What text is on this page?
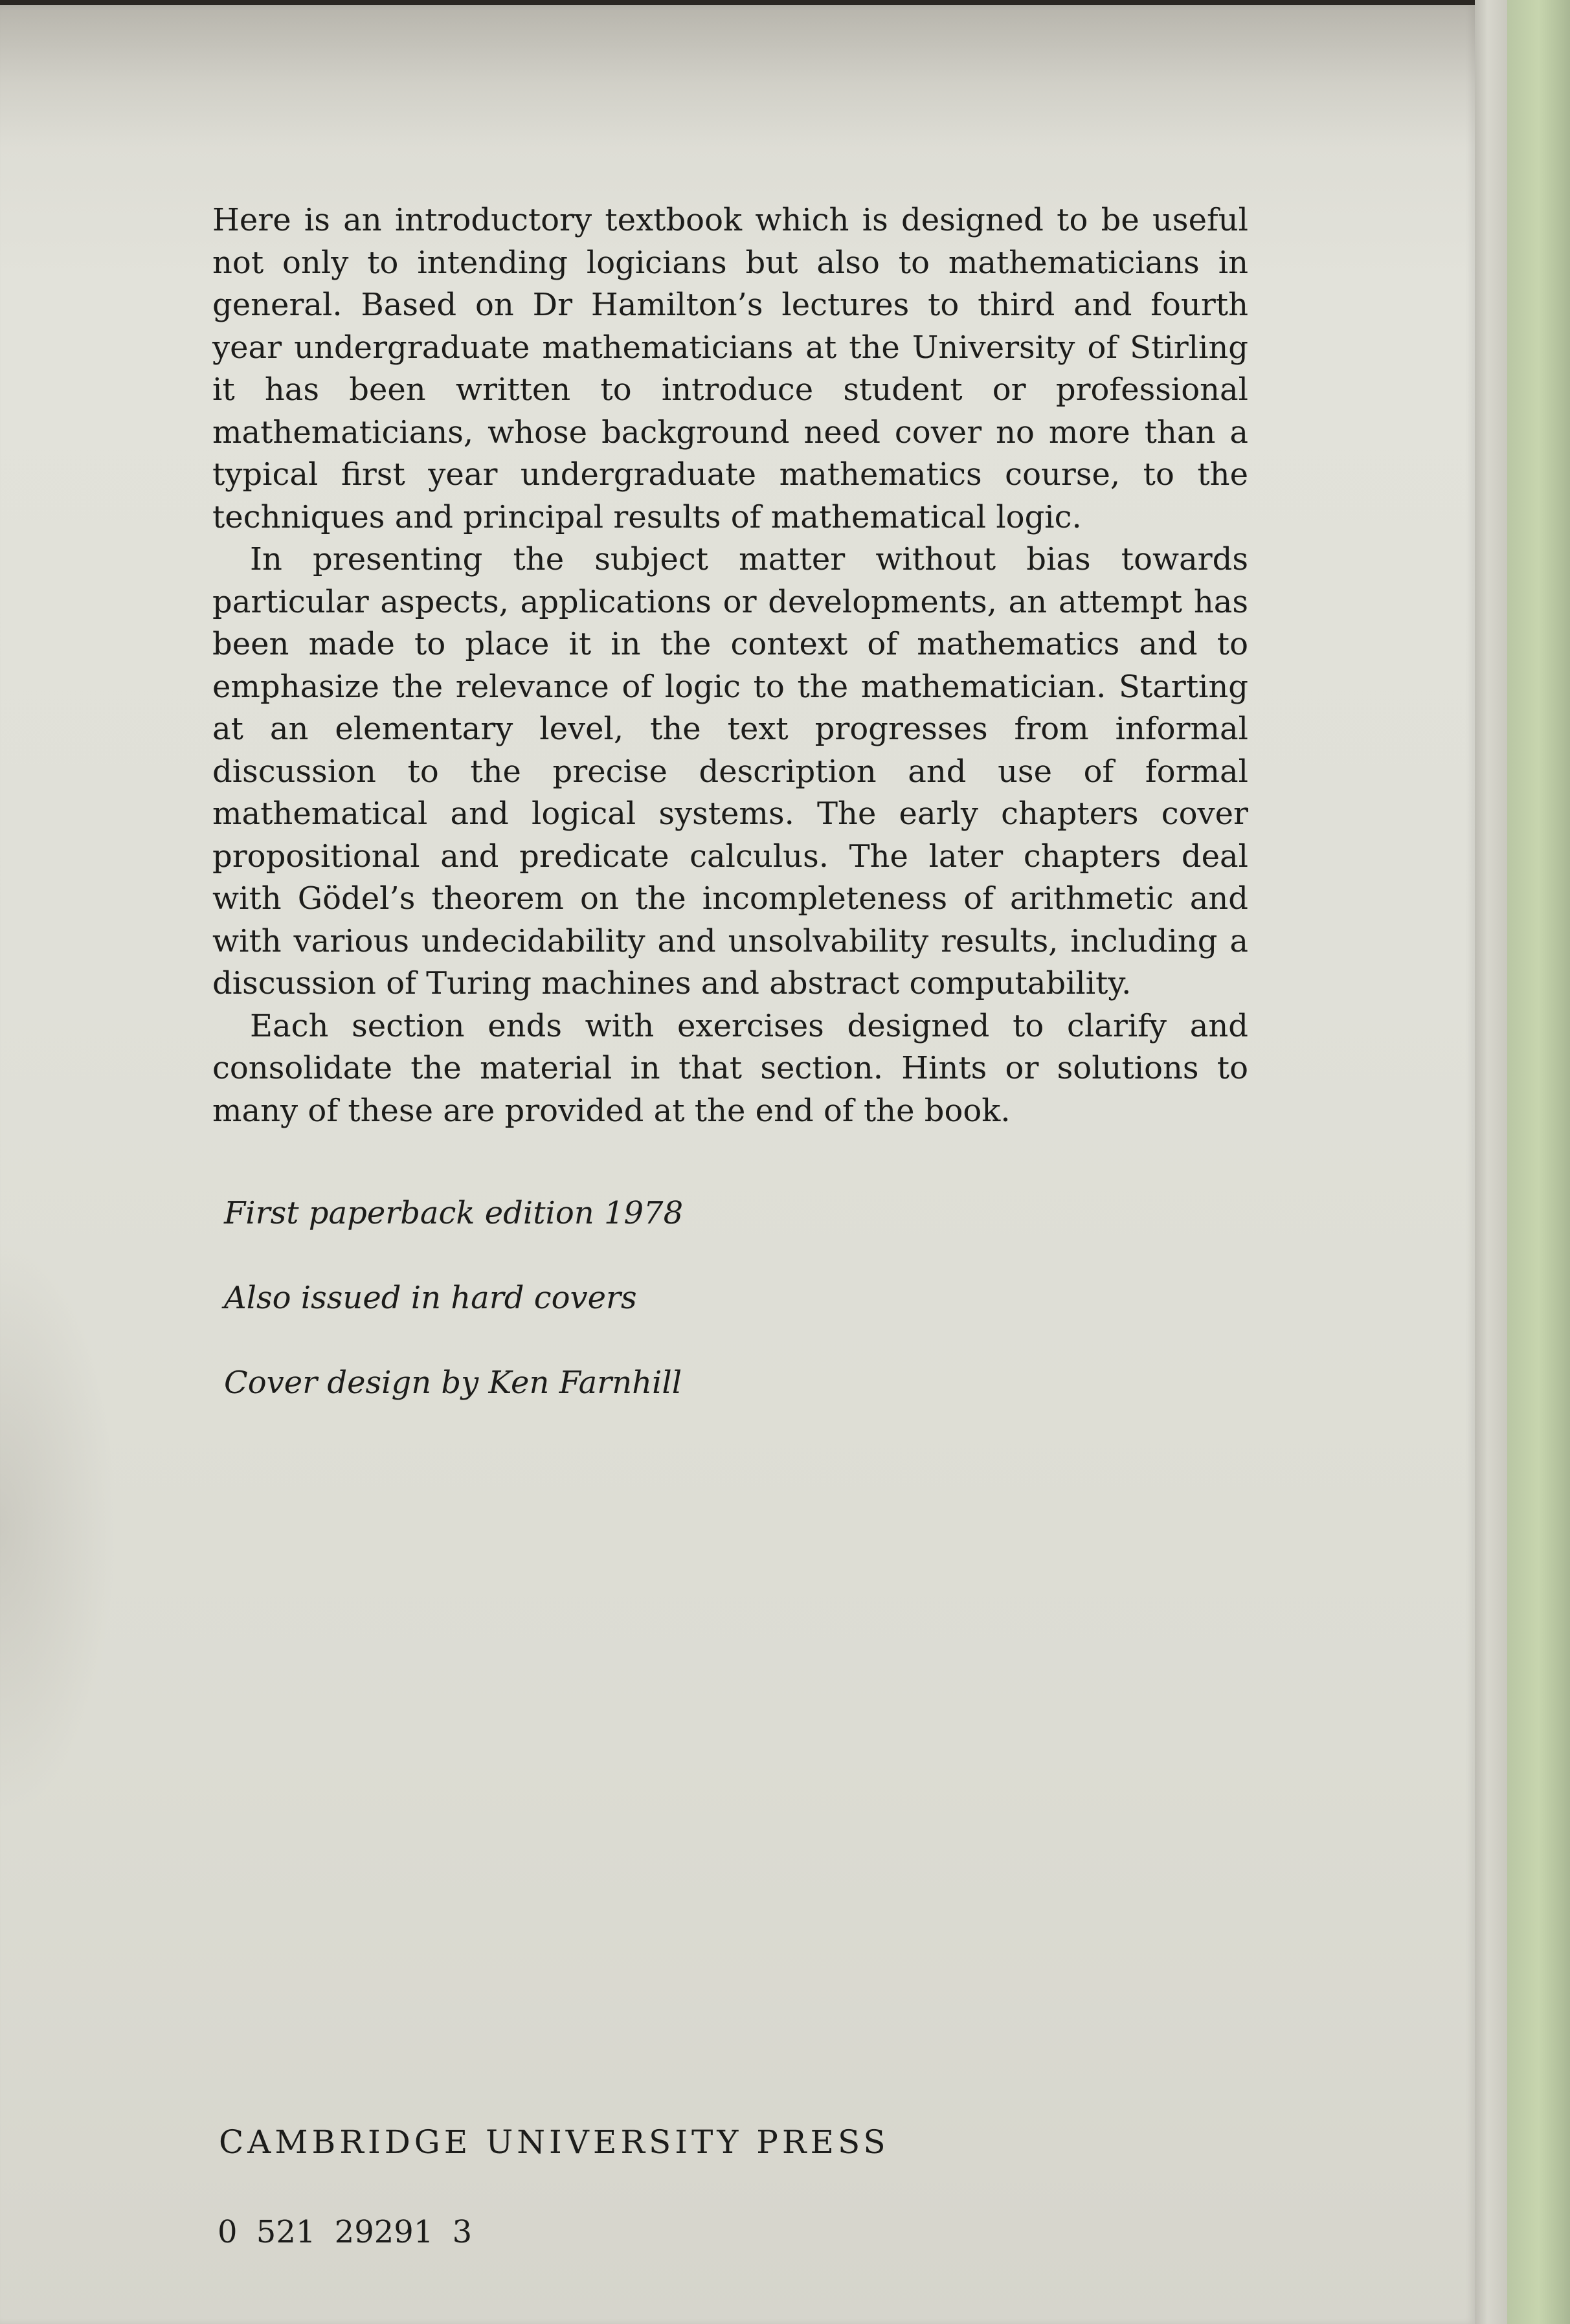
Here is an introductory textbook which is designed to be useful not only to intending logicians but also to mathematicians in general. Based on Dr Hamilton’s lectures to third and fourth year undergraduate mathematicians at the University of Stirling it has been written to introduce student or professional mathematicians, whose background need cover no more than a typical first year undergraduate mathematics course, to the techniques and principal results of mathematical logic.

In presenting the subject matter without bias towards particular aspects, applications or developments, an attempt has been made to place it in the context of mathematics and to emphasize the relevance of logic to the mathematician. Starting at an elementary level, the text progresses from informal discussion to the precise description and use of formal mathematical and logical systems. The early chapters cover propositional and predicate calculus. The later chapters deal with Gödel’s theorem on the incompleteness of arithmetic and with various undecidability and unsolvability results, including a discussion of Turing machines and abstract computability.

Each section ends with exercises designed to clarify and consolidate the material in that section. Hints or solutions to many of these are provided at the end of the book.

First paperback edition 1978
Also issued in hard covers
Cover design by Ken Farnhill
CAMBRIDGE UNIVERSITY PRESS
0 521 29291 3
